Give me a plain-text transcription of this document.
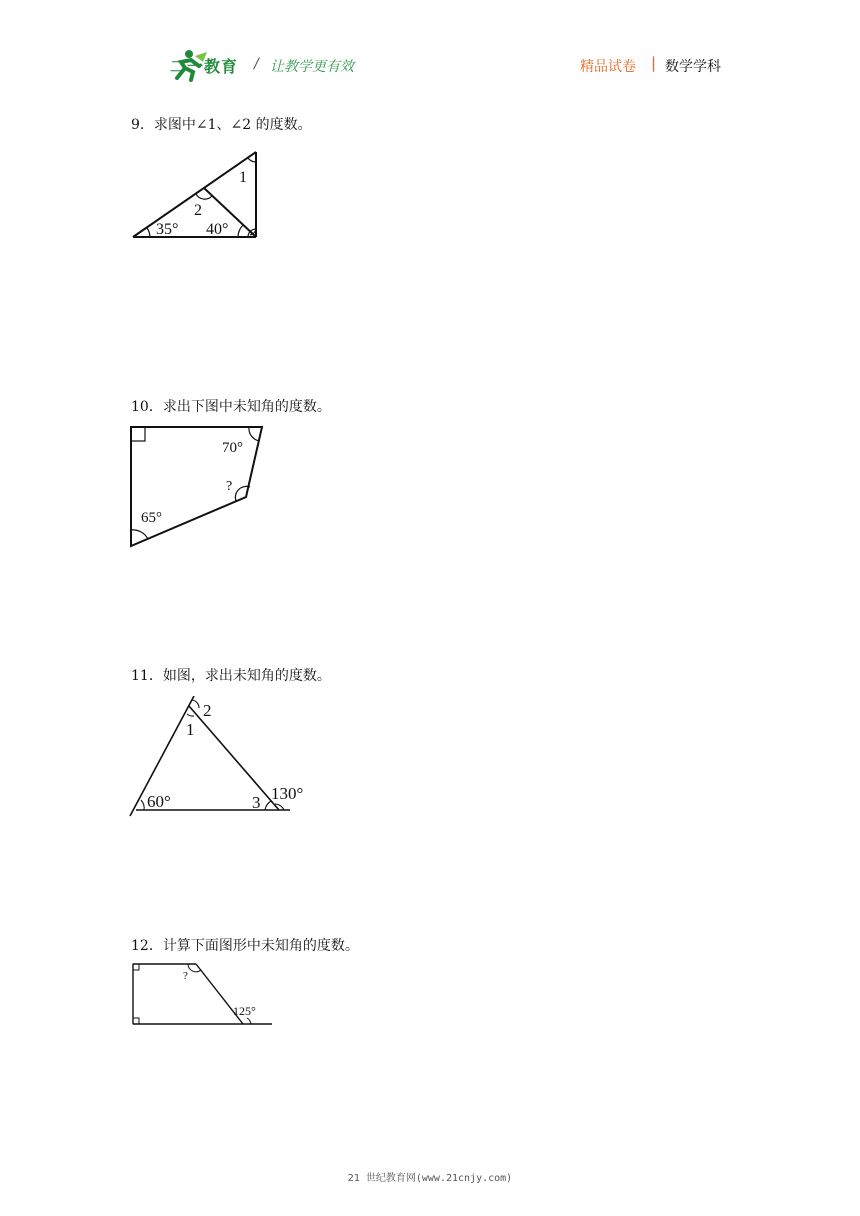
二一教育 / 让教学更有效	精品试卷 | 数学学科
9．求图中∠1、∠2 的度数。
35° 40°
2
1
10．求出下图中未知角的度数。
70°
?
65°
11．如图，求出未知角的度数。
2
1
60°	3 130°
12．计算下面图形中未知角的度数。
?
125°
21 世纪教育网(www.21cnjy.com)
